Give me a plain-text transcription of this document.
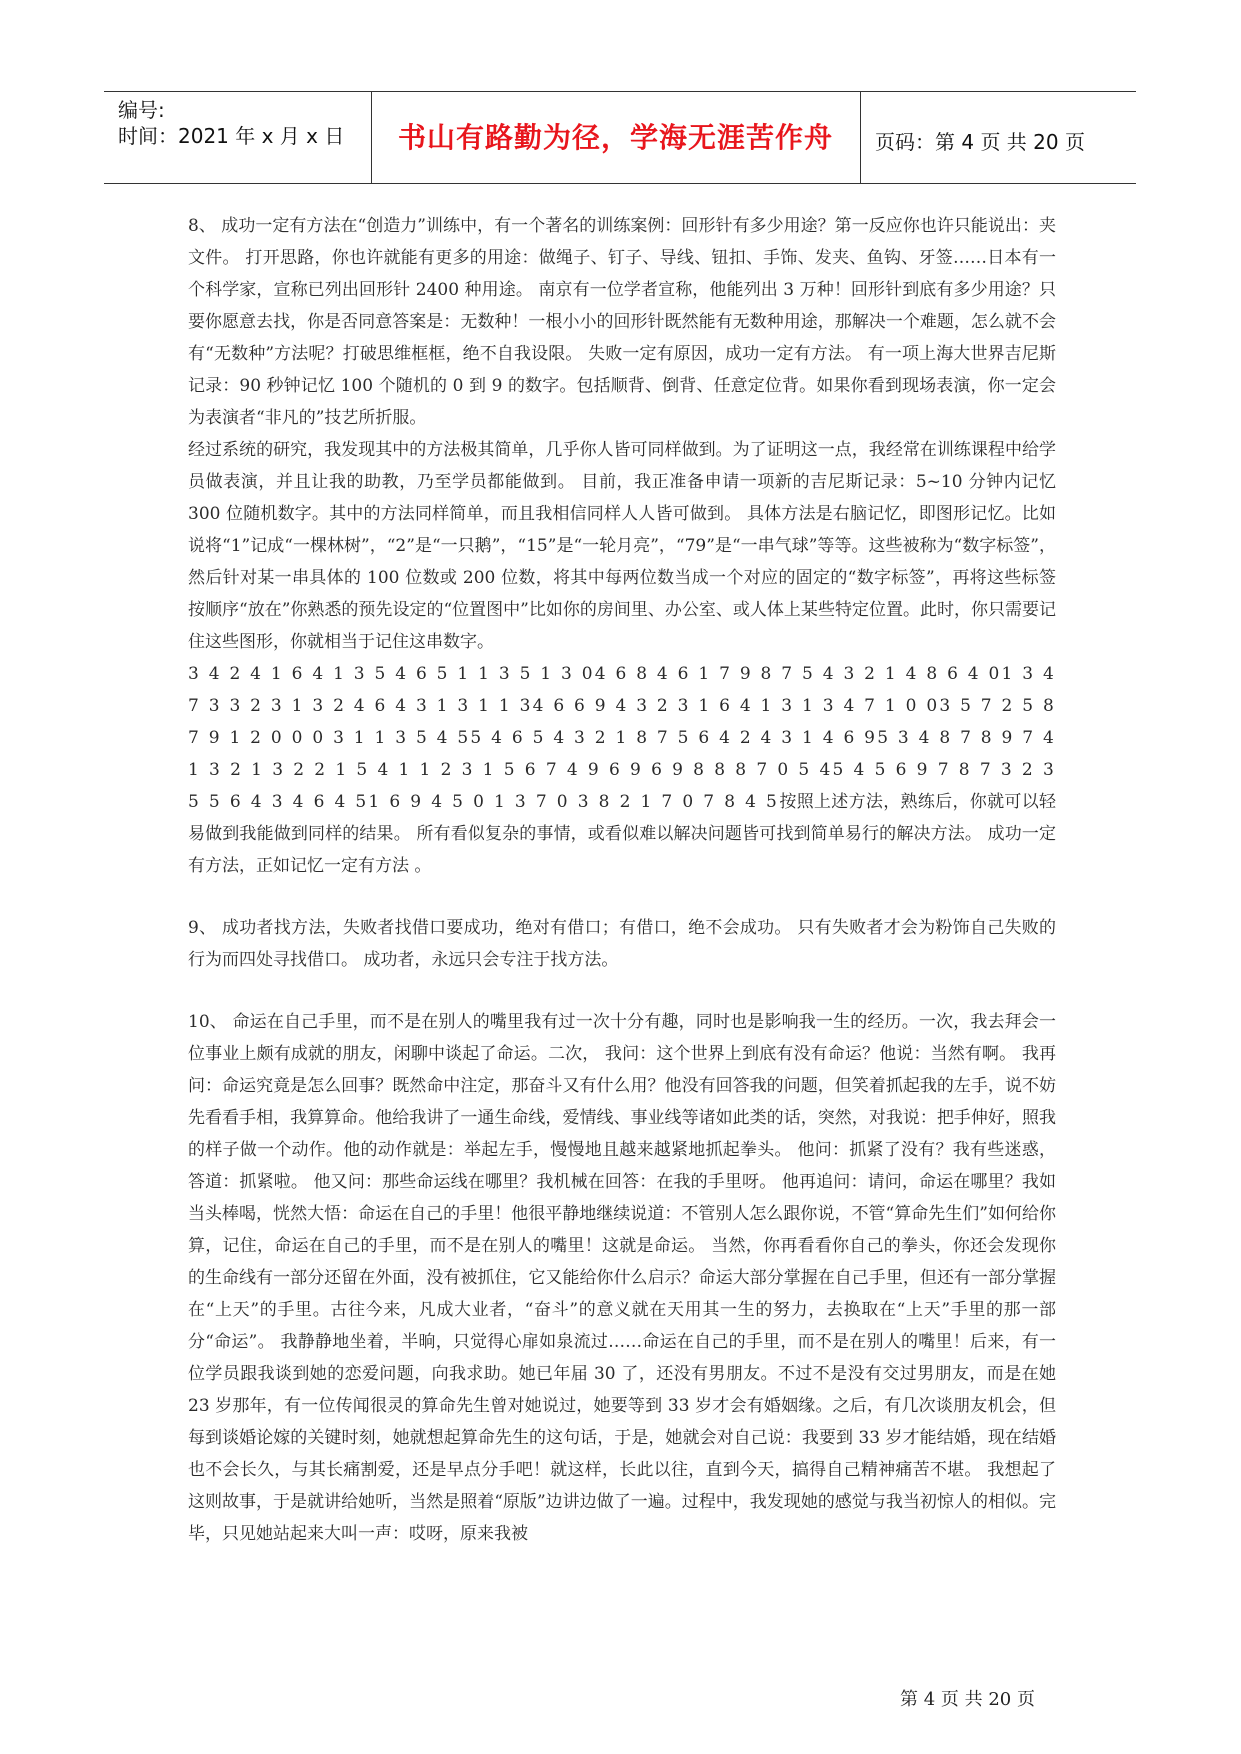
编号:
时间：2021 年 x 月 x 日	书山有路勤为径，学海无涯苦作舟	页码：第 4 页 共 20 页

8、 成功一定有方法在“创造力”训练中，有一个著名的训练案例：回形针有多少用途？第一反应你也许只能说出：夹文件。 打开思路，你也许就能有更多的用途：做绳子、钉子、导线、钮扣、手饰、发夹、鱼钩、牙签……日本有一个科学家，宣称已列出回形针 2400 种用途。 南京有一位学者宣称，他能列出 3 万种！回形针到底有多少用途？只要你愿意去找，你是否同意答案是：无数种！一根小小的回形针既然能有无数种用途，那解决一个难题，怎么就不会有“无数种”方法呢？打破思维框框，绝不自我设限。 失败一定有原因，成功一定有方法。 有一项上海大世界吉尼斯记录：90 秒钟记忆 100 个随机的 0 到 9 的数字。包括顺背、倒背、任意定位背。如果你看到现场表演，你一定会为表演者“非凡的”技艺所折服。

经过系统的研究，我发现其中的方法极其简单，几乎你人皆可同样做到。为了证明这一点，我经常在训练课程中给学员做表演，并且让我的助教，乃至学员都能做到。 目前，我正准备申请一项新的吉尼斯记录：5~10 分钟内记忆 300 位随机数字。其中的方法同样简单，而且我相信同样人人皆可做到。 具体方法是右脑记忆，即图形记忆。比如说将“1”记成“一棵林树”，“2”是“一只鹅”，“15”是“一轮月亮”，“79”是“一串气球”等等。这些被称为“数字标签”，然后针对某一串具体的 100 位数或 200 位数，将其中每两位数当成一个对应的固定的“数字标签”，再将这些标签按顺序“放在”你熟悉的预先设定的“位置图中”比如你的房间里、办公室、或人体上某些特定位置。此时，你只需要记住这些图形，你就相当于记住这串数字。

3 4 2 4 1 6 4 1 3 5 4 6 5 1 1 3 5 1 3 04 6 8 4 6 1 7 9 8 7 5 4 3 2 1 4 8 6 4 01 3 4 7 3 3 2 3 1 3 2 4 6 4 3 1 3 1 1 34 6 6 9 4 3 2 3 1 6 4 1 3 1 3 4 7 1 0 03 5 7 2 5 8 7 9 1 2 0 0 0 3 1 1 3 5 4 55 4 6 5 4 3 2 1 8 7 5 6 4 2 4 3 1 4 6 95 3 4 8 7 8 9 7 4 1 3 2 1 3 2 2 1 5 4 1 1 2 3 1 5 6 7 4 9 6 9 6 9 8 8 8 7 0 5 45 4 5 6 9 7 8 7 3 2 3 5 5 6 4 3 4 6 4 51 6 9 4 5 0 1 3 7 0 3 8 2 1 7 0 7 8 4 5按照上述方法，熟练后，你就可以轻易做到我能做到同样的结果。 所有看似复杂的事情，或看似难以解决问题皆可找到简单易行的解决方法。 成功一定有方法，正如记忆一定有方法 。

9、 成功者找方法，失败者找借口要成功，绝对有借口；有借口，绝不会成功。 只有失败者才会为粉饰自己失败的行为而四处寻找借口。 成功者，永远只会专注于找方法。

10、 命运在自己手里，而不是在别人的嘴里我有过一次十分有趣，同时也是影响我一生的经历。一次，我去拜会一位事业上颇有成就的朋友，闲聊中谈起了命运。二次， 我问：这个世界上到底有没有命运？他说：当然有啊。 我再问：命运究竟是怎么回事？既然命中注定，那奋斗又有什么用？他没有回答我的问题，但笑着抓起我的左手，说不妨先看看手相，我算算命。他给我讲了一通生命线，爱情线、事业线等诸如此类的话，突然，对我说：把手伸好，照我的样子做一个动作。他的动作就是：举起左手，慢慢地且越来越紧地抓起拳头。 他问：抓紧了没有？我有些迷惑，答道：抓紧啦。 他又问：那些命运线在哪里？我机械在回答：在我的手里呀。 他再追问：请问，命运在哪里？我如当头棒喝，恍然大悟：命运在自己的手里！他很平静地继续说道：不管别人怎么跟你说，不管“算命先生们”如何给你算，记住，命运在自己的手里，而不是在别人的嘴里！这就是命运。 当然，你再看看你自己的拳头，你还会发现你的生命线有一部分还留在外面，没有被抓住，它又能给你什么启示？命运大部分掌握在自己手里，但还有一部分掌握在“上天”的手里。古往今来，凡成大业者，“奋斗”的意义就在天用其一生的努力，去换取在“上天”手里的那一部分“命运”。 我静静地坐着，半晌，只觉得心扉如泉流过……命运在自己的手里，而不是在别人的嘴里！后来，有一位学员跟我谈到她的恋爱问题，向我求助。她已年届 30 了，还没有男朋友。不过不是没有交过男朋友，而是在她 23 岁那年，有一位传闻很灵的算命先生曾对她说过，她要等到 33 岁才会有婚姻缘。之后，有几次谈朋友机会，但每到谈婚论嫁的关键时刻，她就想起算命先生的这句话，于是，她就会对自己说：我要到 33 岁才能结婚，现在结婚也不会长久，与其长痛割爱，还是早点分手吧！就这样，长此以往，直到今天，搞得自己精神痛苦不堪。 我想起了这则故事，于是就讲给她听，当然是照着“原版”边讲边做了一遍。过程中，我发现她的感觉与我当初惊人的相似。完毕，只见她站起来大叫一声：哎呀，原来我被

第 4 页 共 20 页
